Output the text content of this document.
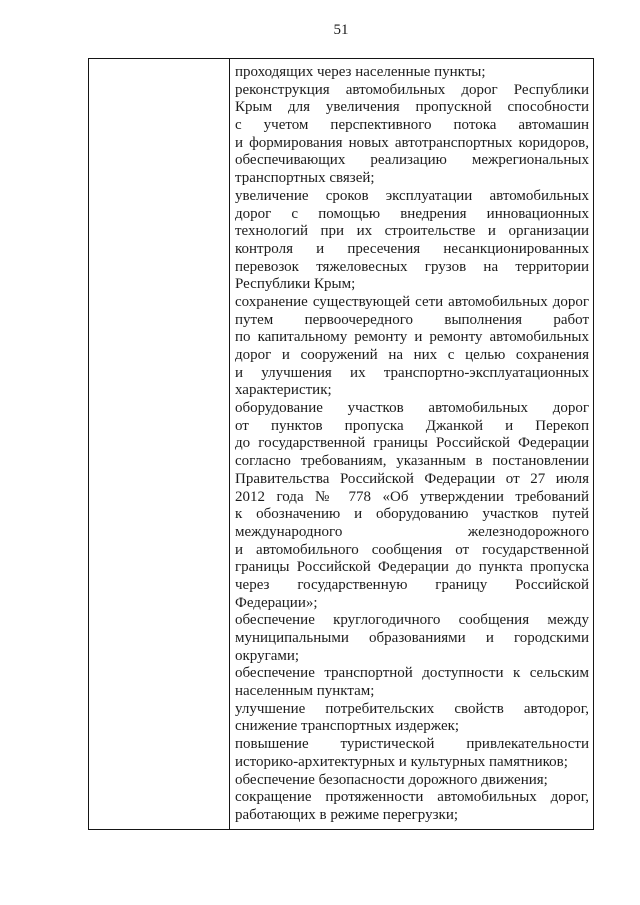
51
проходящих через населенные пункты;
реконструкция автомобильных дорог Республики
Крым для увеличения пропускной способности
с учетом перспективного потока автомашин
и формирования новых автотранспортных коридоров,
обеспечивающих реализацию межрегиональных
транспортных связей;
увеличение сроков эксплуатации автомобильных
дорог с помощью внедрения инновационных
технологий при их строительстве и организации
контроля и пресечения несанкционированных
перевозок тяжеловесных грузов на территории
Республики Крым;
сохранение существующей сети автомобильных дорог
путем первоочередного выполнения работ
по капитальному ремонту и ремонту автомобильных
дорог и сооружений на них с целью сохранения
и улучшения их транспортно-эксплуатационных
характеристик;
оборудование участков автомобильных дорог
от пунктов пропуска Джанкой и Перекоп
до государственной границы Российской Федерации
согласно требованиям, указанным в постановлении
Правительства Российской Федерации от 27 июля
2012 года № 778 «Об утверждении требований
к обозначению и оборудованию участков путей
международного железнодорожного
и автомобильного сообщения от государственной
границы Российской Федерации до пункта пропуска
через государственную границу Российской
Федерации»;
обеспечение круглогодичного сообщения между
муниципальными образованиями и городскими
округами;
обеспечение транспортной доступности к сельским
населенным пунктам;
улучшение потребительских свойств автодорог,
снижение транспортных издержек;
повышение туристической привлекательности
историко-архитектурных и культурных памятников;
обеспечение безопасности дорожного движения;
сокращение протяженности автомобильных дорог,
работающих в режиме перегрузки;
